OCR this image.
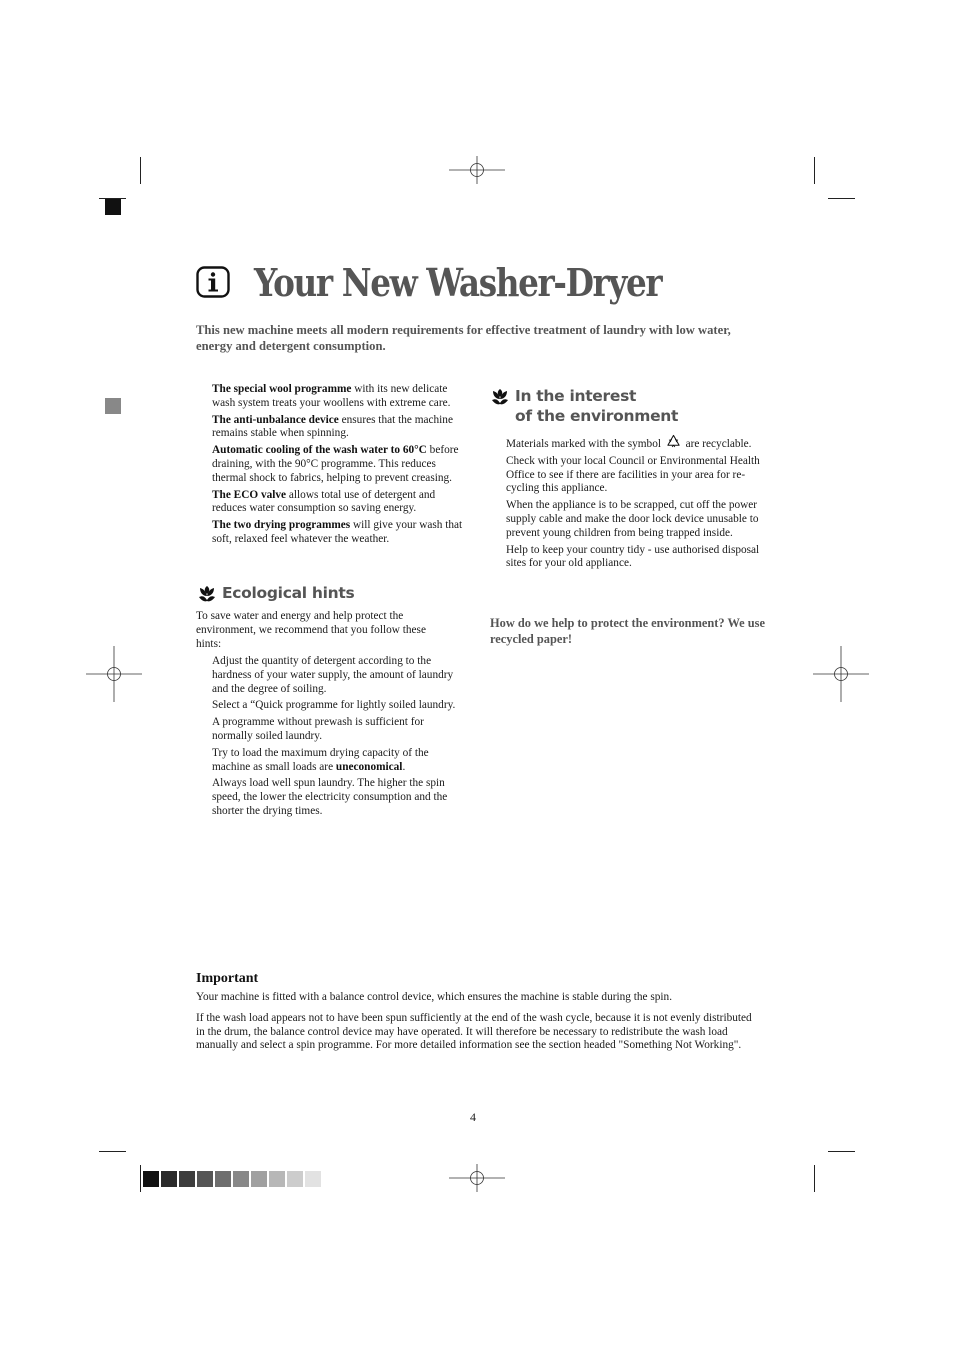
Your New Washer-Dryer
This new machine meets all modern requirements for effective treatment of laundry with low water, energy and detergent consumption.

The special wool programme with its new delicate wash system treats your woollens with extreme care.

The anti-unbalance device ensures that the machine remains stable when spinning.

Automatic cooling of the wash water to 60°C before draining, with the 90°C programme. This reduces thermal shock to fabrics, helping to prevent creasing.

The ECO valve allows total use of detergent and reduces water consumption so saving energy.

The two drying programmes will give your wash that soft, relaxed feel whatever the weather.

Ecological hints

To save water and energy and help protect the environment, we recommend that you follow these hints:

Adjust the quantity of detergent according to the hardness of your water supply, the amount of laundry and the degree of soiling.

Select a “Quick programme for lightly soiled laundry.

A programme without prewash is sufficient for normally soiled laundry.

Try to load the maximum drying capacity of the machine as small loads are uneconomical.

Always load well spun laundry. The higher the spin speed, the lower the electricity consumption and the shorter the drying times.

In the interest
of the environment

Materials marked with the symbol are recyclable.

Check with your local Council or Environmental Health Office to see if there are facilities in your area for re-cycling this appliance.

When the appliance is to be scrapped, cut off the power supply cable and make the door lock device unusable to prevent young children from being trapped inside.

Help to keep your country tidy - use authorised disposal sites for your old appliance.

How do we help to protect the environment? We use recycled paper!
Important

Your machine is fitted with a balance control device, which ensures the machine is stable during the spin.

If the wash load appears not to have been spun sufficiently at the end of the wash cycle, because it is not evenly distributed in the drum, the balance control device may have operated. It will therefore be necessary to redistribute the wash load manually and select a spin programme. For more detailed information see the section headed "Something Not Working".

4
